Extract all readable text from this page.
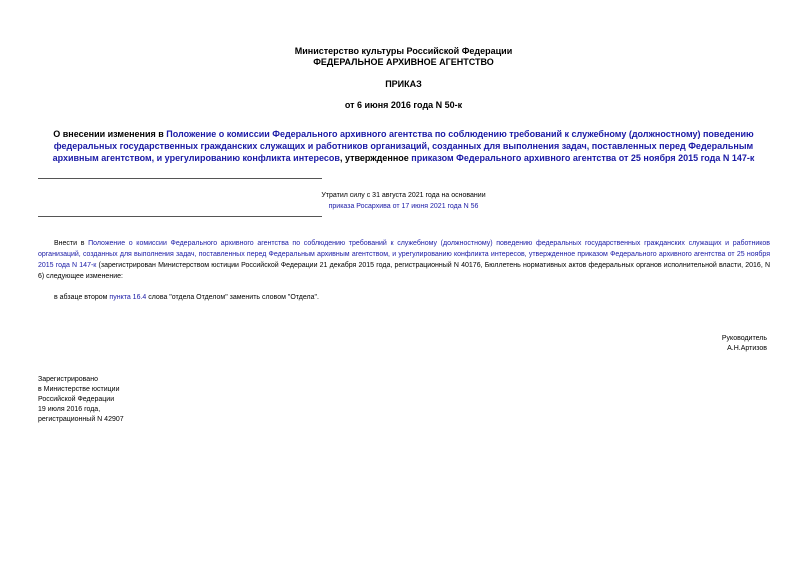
Министерство культуры Российской Федерации
ФЕДЕРАЛЬНОЕ АРХИВНОЕ АГЕНТСТВО
ПРИКАЗ
от 6 июня 2016 года N 50-к
О внесении изменения в Положение о комиссии Федерального архивного агентства по соблюдению требований к служебному (должностному) поведению федеральных государственных гражданских служащих и работников организаций, созданных для выполнения задач, поставленных перед Федеральным архивным агентством, и урегулированию конфликта интересов, утвержденное приказом Федерального архивного агентства от 25 ноября 2015 года N 147-к
Утратил силу с 31 августа 2021 года на основании
приказа Росархива от 17 июня 2021 года N 56
Внести в Положение о комиссии Федерального архивного агентства по соблюдению требований к служебному (должностному) поведению федеральных государственных гражданских служащих и работников организаций, созданных для выполнения задач, поставленных перед Федеральным архивным агентством, и урегулированию конфликта интересов, утвержденное приказом Федерального архивного агентства от 25 ноября 2015 года N 147-к (зарегистрирован Министерством юстиции Российской Федерации 21 декабря 2015 года, регистрационный N 40176, Бюллетень нормативных актов федеральных органов исполнительной власти, 2016, N 6) следующее изменение:
в абзаце втором пункта 16.4 слова "отдела Отделом" заменить словом "Отдела".
Руководитель
А.Н.Артизов
Зарегистрировано
в Министерстве юстиции
Российской Федерации
19 июля 2016 года,
регистрационный N 42907
